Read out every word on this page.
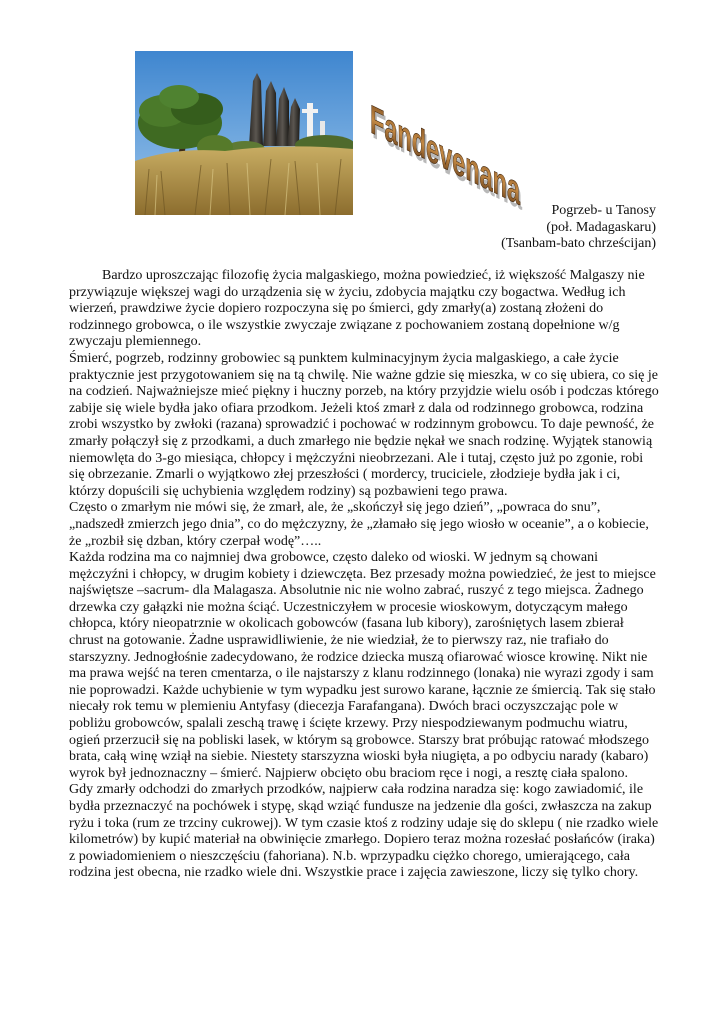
Fandevenana
Fandevenana
Pogrzeb- u Tanosy
(poł. Madagaskaru)
(Tsanbam-bato chrześcijan)

Bardzo uproszczając filozofię życia malgaskiego, można powiedzieć, iż większość Malgaszy nie przywiązuje większej wagi do urządzenia się w życiu, zdobycia majątku czy bogactwa. Według ich wierzeń, prawdziwe życie dopiero rozpoczyna się po śmierci, gdy zmarły(a) zostaną złożeni do rodzinnego grobowca, o ile wszystkie zwyczaje związane z pochowaniem zostaną dopełnione w/g zwyczaju plemiennego.

Śmierć, pogrzeb, rodzinny grobowiec są punktem kulminacyjnym życia malgaskiego, a całe życie praktycznie jest przygotowaniem się na tą chwilę. Nie ważne gdzie się mieszka, w co się ubiera, co się je na codzień. Najważniejsze mieć piękny i huczny porzeb, na który przyjdzie wielu osób i podczas którego zabije się wiele bydła jako ofiara przodkom. Jeżeli ktoś zmarł z dala od rodzinnego grobowca, rodzina zrobi wszystko by zwłoki (razana) sprowadzić i pochować w rodzinnym grobowcu. To daje pewność, że zmarły połączył się z przodkami, a duch zmarłego nie będzie nękał we snach rodzinę. Wyjątek stanowią niemowlęta do 3-go miesiąca, chłopcy i mężczyźni nieobrzezani. Ale i tutaj, często już po zgonie, robi się obrzezanie. Zmarli o wyjątkowo złej przeszłości ( mordercy, truciciele, złodzieje bydła jak i ci, którzy dopuścili się uchybienia względem rodziny) są pozbawieni tego prawa.

Często o zmarłym nie mówi się, że zmarł, ale, że „skończył się jego dzień”, „powraca do snu”, „nadszedł zmierzch jego dnia”, co do mężczyzny, że „złamało się jego wiosło w oceanie”, a o kobiecie, że „rozbił się dzban, który czerpał wodę”…..

Każda rodzina ma co najmniej dwa grobowce, często daleko od wioski. W jednym są chowani mężczyźni i chłopcy, w drugim kobiety i dziewczęta. Bez przesady można powiedzieć, że jest to miejsce najświętsze –sacrum- dla Malagasza. Absolutnie nic nie wolno zabrać, ruszyć z tego miejsca. Żadnego drzewka czy gałązki nie można ściąć. Uczestniczyłem w procesie wioskowym, dotyczącym małego chłopca, który nieopatrznie w okolicach gobowców (fasana lub kibory), zarośniętych lasem zbierał chrust na gotowanie. Żadne usprawidliwienie, że nie wiedział, że to pierwszy raz, nie trafiało do starszyzny. Jednogłośnie zadecydowano, że rodzice dziecka muszą ofiarować wiosce krowinę. Nikt nie ma prawa wejść na teren cmentarza, o ile najstarszy z klanu rodzinnego (lonaka) nie wyrazi zgody i sam nie poprowadzi. Każde uchybienie w tym wypadku jest surowo karane, łącznie ze śmiercią. Tak się stało niecały rok temu w plemieniu Antyfasy (diecezja Farafangana). Dwóch braci oczyszczając pole w pobliżu grobowców, spalali zeschą trawę i ścięte krzewy. Przy niespodziewanym podmuchu wiatru, ogień przerzucił się na pobliski lasek, w którym są grobowce. Starszy brat próbując ratować młodszego brata, całą winę wziął na siebie. Niestety starszyzna wioski była niugięta, a po odbyciu narady (kabaro) wyrok był jednoznaczny – śmierć. Najpierw obcięto obu braciom ręce i nogi, a resztę ciała spalono.

Gdy zmarły odchodzi do zmarłych przodków, najpierw cała rodzina naradza się: kogo zawiadomić, ile bydła przeznaczyć na pochówek i stypę, skąd wziąć fundusze na jedzenie dla gości, zwłaszcza na zakup ryżu i toka (rum ze trzciny cukrowej). W tym czasie ktoś z rodziny udaje się do sklepu ( nie rzadko wiele kilometrów) by kupić materiał na obwinięcie zmarłego. Dopiero teraz można rozesłać posłańców (iraka) z powiadomieniem o nieszczęściu (fahoriana). N.b. wprzypadku ciężko chorego, umierającego, cała rodzina jest obecna, nie rzadko wiele dni. Wszystkie prace i zajęcia zawieszone, liczy się tylko chory.
